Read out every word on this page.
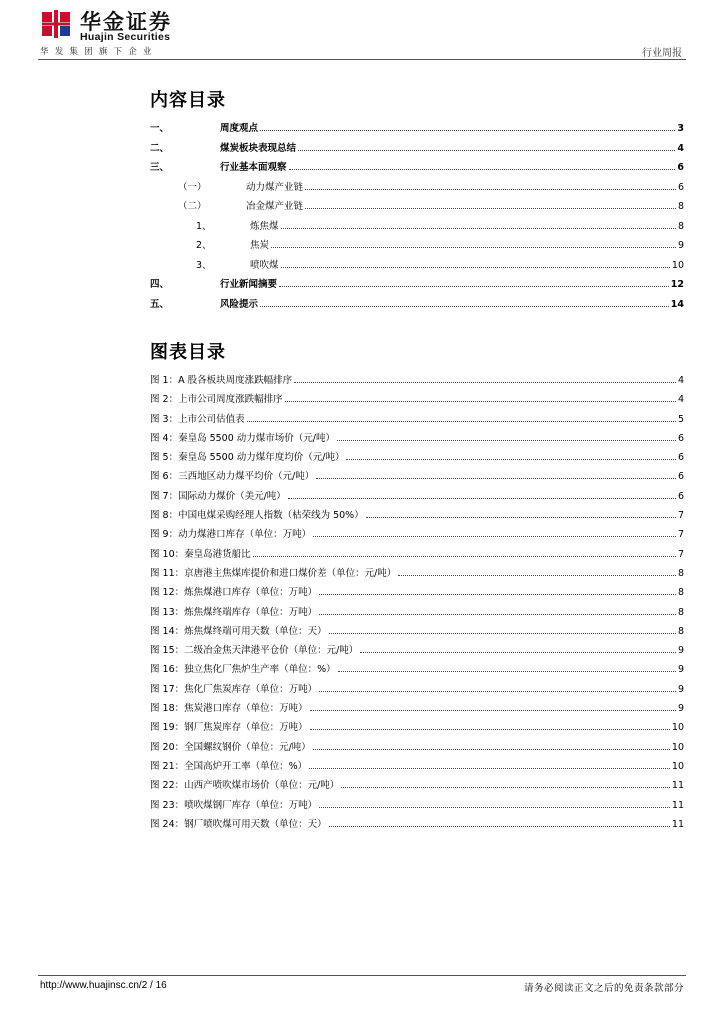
华金证券
Huajin Securities
华发集团旗下企业	行业周报
内容目录
一、	周度观点	3
二、	煤炭板块表现总结	4
三、	行业基本面观察	6
（一）	动力煤产业链	6
（二）	冶金煤产业链	8
1、	炼焦煤	8
2、	焦炭	9
3、	喷吹煤	10
四、	行业新闻摘要	12
五、	风险提示	14
图表目录
图 1：A 股各板块周度涨跌幅排序	4
图 2：上市公司周度涨跌幅排序	4
图 3：上市公司估值表	5
图 4：秦皇岛 5500 动力煤市场价（元/吨）	6
图 5：秦皇岛 5500 动力煤年度均价（元/吨）	6
图 6：三西地区动力煤平均价（元/吨）	6
图 7：国际动力煤价（美元/吨）	6
图 8：中国电煤采购经理人指数（枯荣线为 50%）	7
图 9：动力煤港口库存（单位：万吨）	7
图 10：秦皇岛港货船比	7
图 11：京唐港主焦煤库提价和进口煤价差（单位：元/吨）	8
图 12：炼焦煤港口库存（单位：万吨）	8
图 13：炼焦煤终端库存（单位：万吨）	8
图 14：炼焦煤终端可用天数（单位：天）	8
图 15：二级冶金焦天津港平仓价（单位：元/吨）	9
图 16：独立焦化厂焦炉生产率（单位：%）	9
图 17：焦化厂焦炭库存（单位：万吨）	9
图 18：焦炭港口库存（单位：万吨）	9
图 19：钢厂焦炭库存（单位：万吨）	10
图 20：全国螺纹钢价（单位：元/吨）	10
图 21：全国高炉开工率（单位：%）	10
图 22：山西产喷吹煤市场价（单位：元/吨）	11
图 23：喷吹煤钢厂库存（单位：万吨）	11
图 24：钢厂喷吹煤可用天数（单位：天）	11
http://www.huajinsc.cn/2 / 16	请务必阅读正文之后的免责条款部分
